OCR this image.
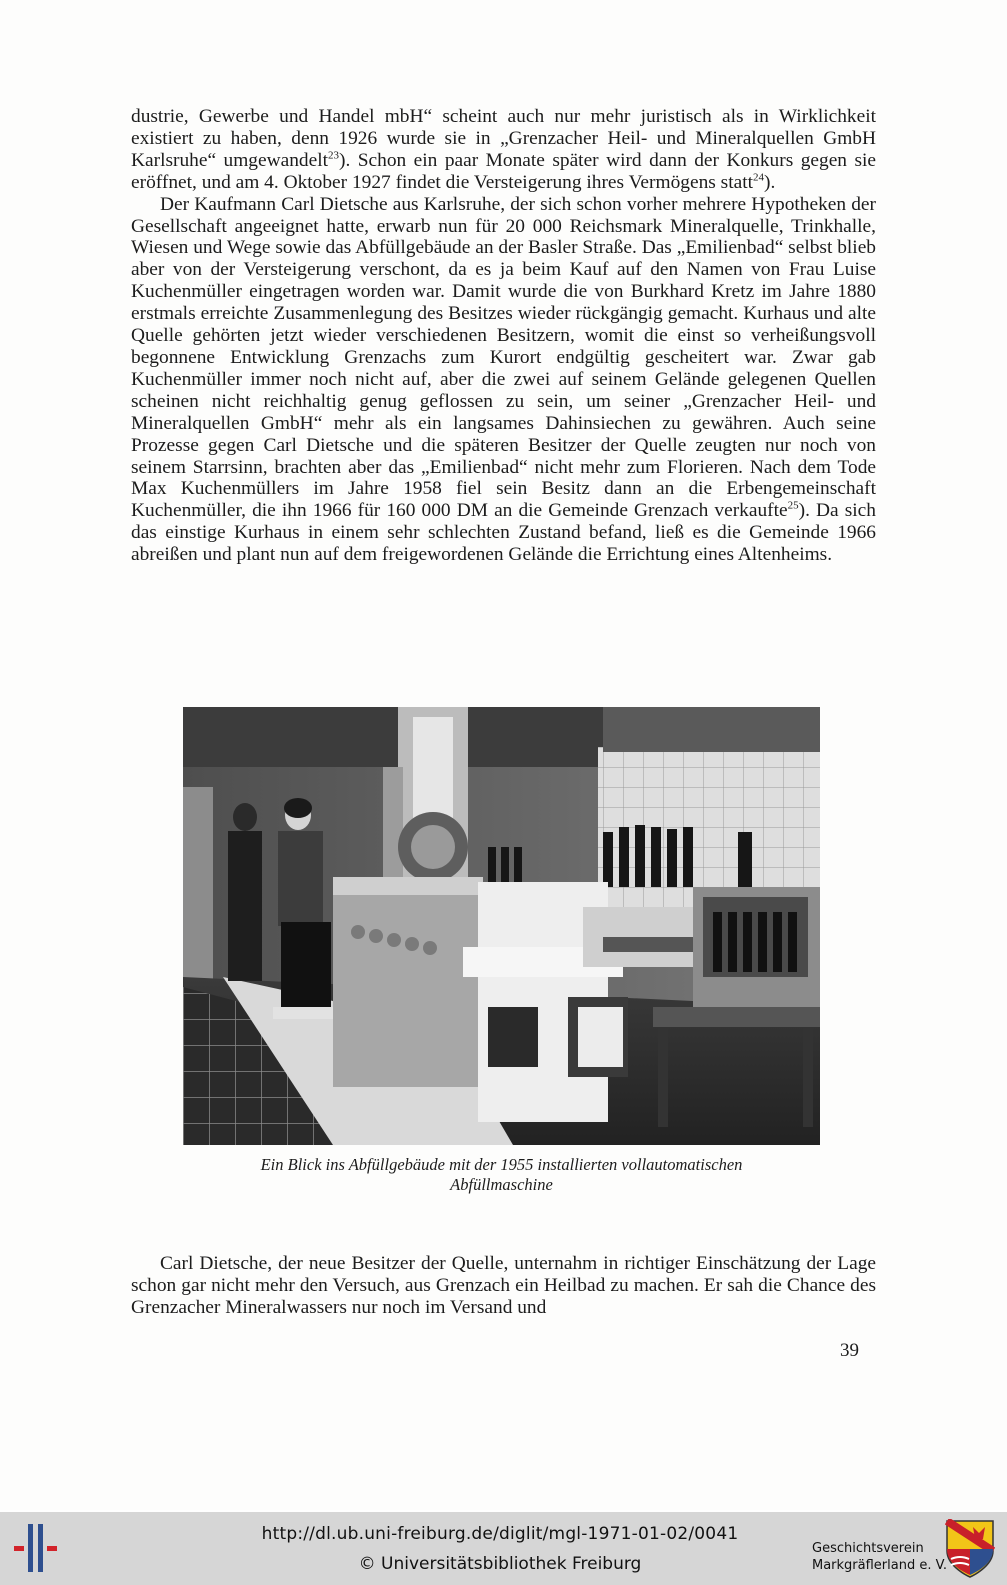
dustrie, Gewerbe und Handel mbH“ scheint auch nur mehr juristisch als in Wirklichkeit existiert zu haben, denn 1926 wurde sie in „Grenzacher Heil- und Mineralquellen GmbH Karlsruhe“ umgewandelt$^{23}$). Schon ein paar Monate später wird dann der Konkurs gegen sie eröffnet, und am 4. Oktober 1927 findet die Versteigerung ihres Vermögens statt$^{24}$).

Der Kaufmann Carl Dietsche aus Karlsruhe, der sich schon vorher mehrere Hypotheken der Gesellschaft angeeignet hatte, erwarb nun für 20 000 Reichsmark Mineralquelle, Trinkhalle, Wiesen und Wege sowie das Abfüllgebäude an der Basler Straße. Das „Emilienbad“ selbst blieb aber von der Versteigerung verschont, da es ja beim Kauf auf den Namen von Frau Luise Kuchenmüller eingetragen worden war. Damit wurde die von Burkhard Kretz im Jahre 1880 erstmals erreichte Zusammenlegung des Besitzes wieder rückgängig gemacht. Kurhaus und alte Quelle gehörten jetzt wieder verschiedenen Besitzern, womit die einst so verheißungsvoll begonnene Entwicklung Grenzachs zum Kurort endgültig gescheitert war. Zwar gab Kuchenmüller immer noch nicht auf, aber die zwei auf seinem Gelände gelegenen Quellen scheinen nicht reichhaltig genug geflossen zu sein, um seiner „Grenzacher Heil- und Mineralquellen GmbH“ mehr als ein langsames Dahinsiechen zu gewähren. Auch seine Prozesse gegen Carl Dietsche und die späteren Besitzer der Quelle zeugten nur noch von seinem Starrsinn, brachten aber das „Emilienbad“ nicht mehr zum Florieren. Nach dem Tode Max Kuchenmüllers im Jahre 1958 fiel sein Besitz dann an die Erbengemeinschaft Kuchenmüller, die ihn 1966 für 160 000 DM an die Gemeinde Grenzach verkaufte$^{25}$). Da sich das einstige Kurhaus in einem sehr schlechten Zustand befand, ließ es die Gemeinde 1966 abreißen und plant nun auf dem freigewordenen Gelände die Errichtung eines Altenheims.

Ein Blick ins Abfüllgebäude mit der 1955 installierten vollautomatischen
Abfüllmaschine

Carl Dietsche, der neue Besitzer der Quelle, unternahm in richtiger Einschätzung der Lage schon gar nicht mehr den Versuch, aus Grenzach ein Heilbad zu machen. Er sah die Chance des Grenzacher Mineralwassers nur noch im Versand und

39
http://dl.ub.uni-freiburg.de/diglit/mgl-1971-01-02/0041
© Universitätsbibliothek Freiburg
Geschichtsverein
Markgräflerland e. V.
